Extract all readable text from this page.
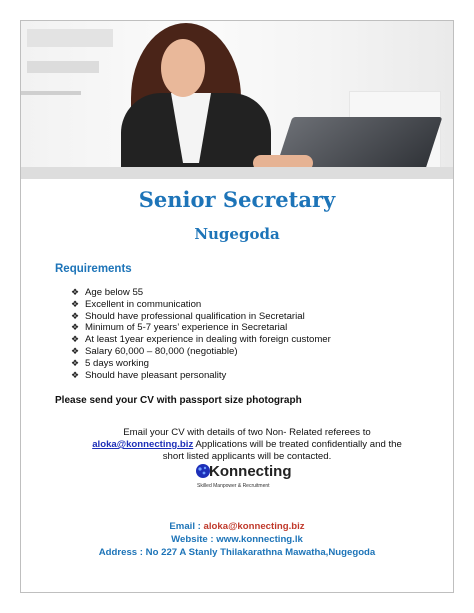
Senior Secretary
Nugegoda
Requirements
❖ Age below 55
❖ Excellent in communication
❖ Should have professional qualification in Secretarial
❖ Minimum of 5-7 years’ experience in Secretarial
❖ At least 1year experience in dealing with foreign customer
❖ Salary 60,000 – 80,000 (negotiable)
❖ 5 days working
❖ Should have pleasant personality
Please send your CV with passport size photograph
Email your CV with details of two Non- Related referees to aloka@konnecting.biz Applications will be treated confidentially and the short listed applicants will be contacted.
Konnecting
Skilled Manpower & Recruitment
Email : aloka@konnecting.biz
Website : www.konnecting.lk
Address : No 227 A Stanly Thilakarathna Mawatha,Nugegoda
